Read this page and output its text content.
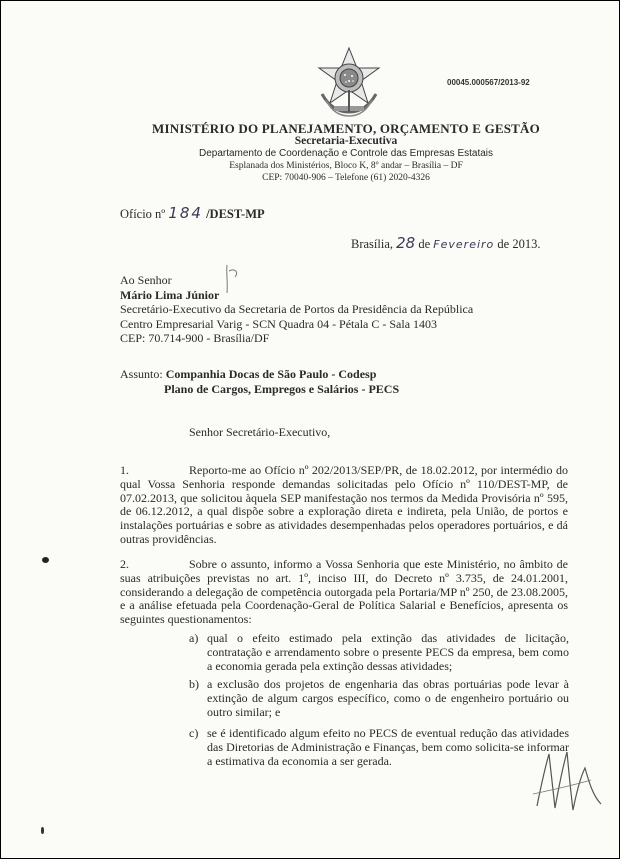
00045.000567/2013-92
MINISTÉRIO DO PLANEJAMENTO, ORÇAMENTO E GESTÃO
Secretaria-Executiva
Departamento de Coordenação e Controle das Empresas Estatais
Esplanada dos Ministérios, Bloco K, 8º andar – Brasília – DF
CEP: 70040-906 – Telefone (61) 2020-4326
Ofício nº 184 /DEST-MP
Brasília, 28 de Fevereiro de 2013.
Ao Senhor
Mário Lima Júnior
Secretário-Executivo da Secretaria de Portos da Presidência da República
Centro Empresarial Varig - SCN Quadra 04 - Pétala C - Sala 1403
CEP: 70.714-900 - Brasília/DF
Assunto: Companhia Docas de São Paulo - Codesp
Plano de Cargos, Empregos e Salários - PECS
Senhor Secretário-Executivo,
1.	Reporto-me ao Ofício nº 202/2013/SEP/PR, de 18.02.2012, por intermédio do qual Vossa Senhoria responde demandas solicitadas pelo Ofício nº 110/DEST-MP, de 07.02.2013, que solicitou àquela SEP manifestação nos termos da Medida Provisória nº 595, de 06.12.2012, a qual dispõe sobre a exploração direta e indireta, pela União, de portos e instalações portuárias e sobre as atividades desempenhadas pelos operadores portuários, e dá outras providências.
2.	Sobre o assunto, informo a Vossa Senhoria que este Ministério, no âmbito de suas atribuições previstas no art. 1º, inciso III, do Decreto nº 3.735, de 24.01.2001, considerando a delegação de competência outorgada pela Portaria/MP nº 250, de 23.08.2005, e a análise efetuada pela Coordenação-Geral de Política Salarial e Benefícios, apresenta os seguintes questionamentos:
a) qual o efeito estimado pela extinção das atividades de licitação, contratação e arrendamento sobre o presente PECS da empresa, bem como a economia gerada pela extinção dessas atividades;
b) a exclusão dos projetos de engenharia das obras portuárias pode levar à extinção de algum cargos específico, como o de engenheiro portuário ou outro similar; e
c) se é identificado algum efeito no PECS de eventual redução das atividades das Diretorias de Administração e Finanças, bem como solicita-se informar a estimativa da economia a ser gerada.
